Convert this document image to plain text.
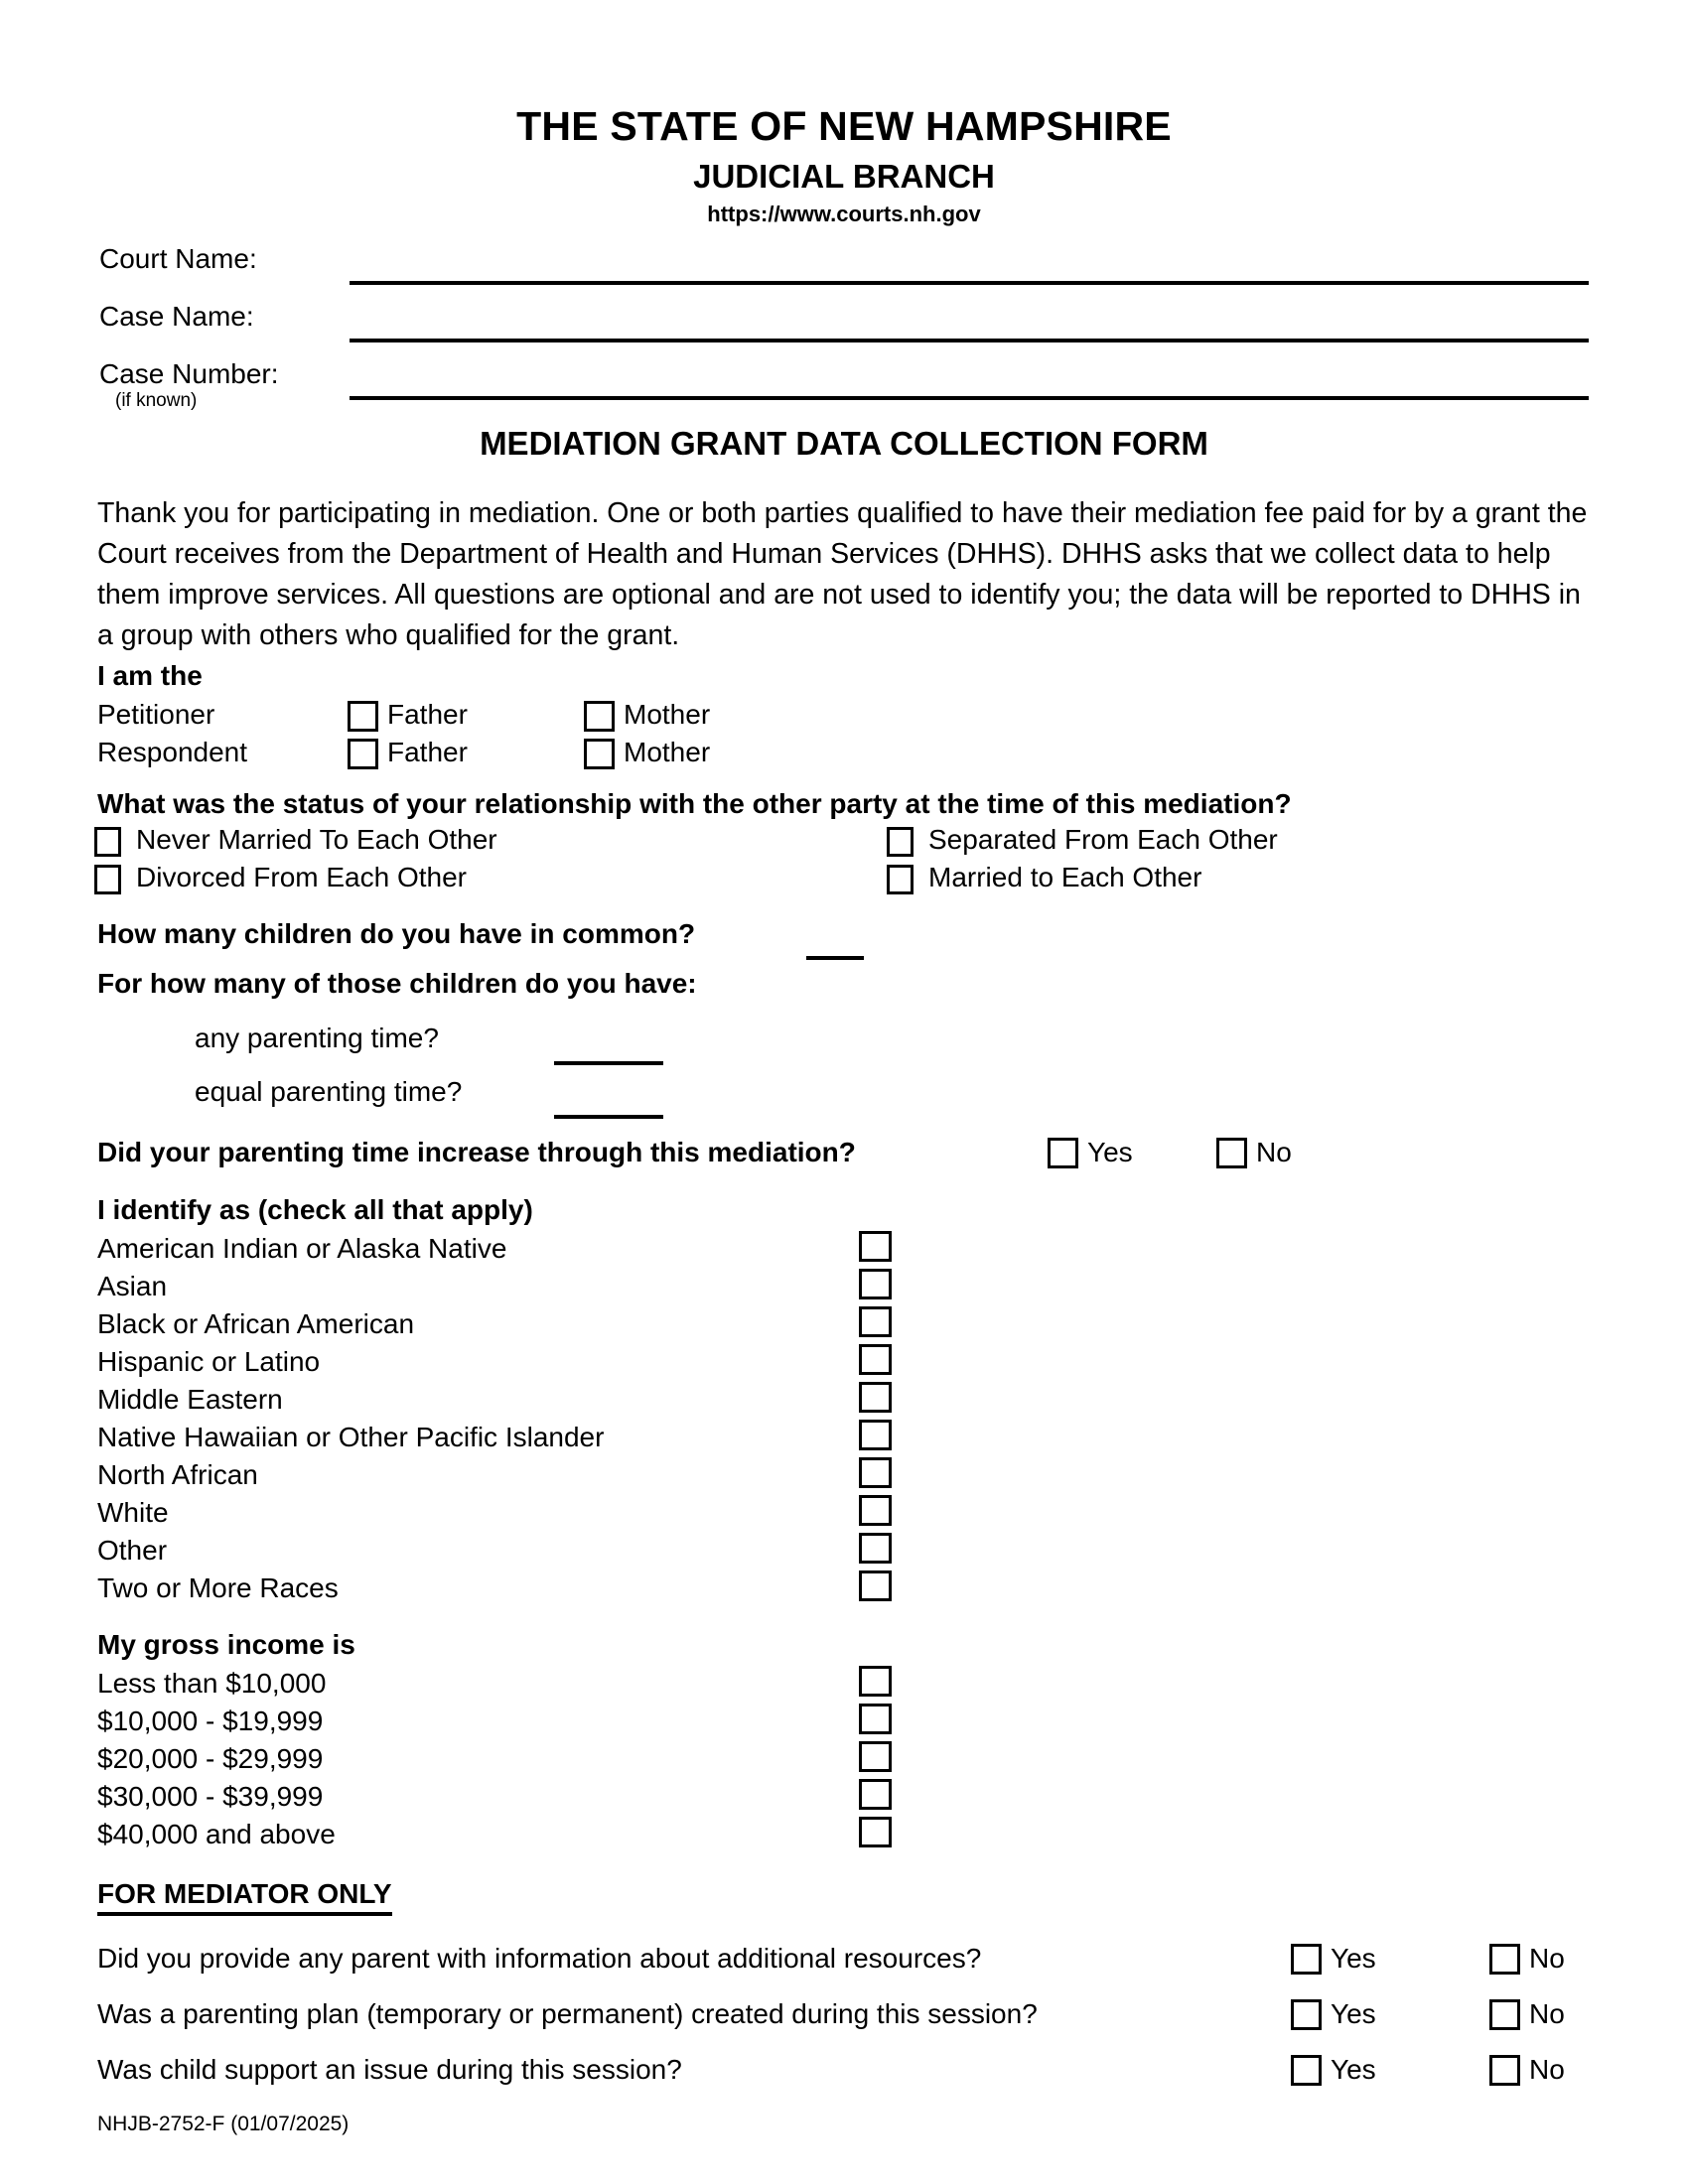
THE STATE OF NEW HAMPSHIRE
JUDICIAL BRANCH
https://www.courts.nh.gov
Court Name:
Case Name:
Case Number:
(if known)
MEDIATION GRANT DATA COLLECTION FORM
Thank you for participating in mediation. One or both parties qualified to have their mediation fee paid for by a grant the Court receives from the Department of Health and Human Services (DHHS). DHHS asks that we collect data to help them improve services. All questions are optional and are not used to identify you; the data will be reported to DHHS in a group with others who qualified for the grant.
I am the
Petitioner	Father	Mother
Respondent	Father	Mother
What was the status of your relationship with the other party at the time of this mediation?
Never Married To Each Other
Divorced From Each Other
Separated From Each Other
Married to Each Other
How many children do you have in common?
For how many of those children do you have:
any parenting time?
equal parenting time?
Did your parenting time increase through this mediation?	Yes	No
I identify as (check all that apply)
American Indian or Alaska Native
Asian
Black or African American
Hispanic or Latino
Middle Eastern
Native Hawaiian or Other Pacific Islander
North African
White
Other
Two or More Races
My gross income is
Less than $10,000
$10,000 - $19,999
$20,000 - $29,999
$30,000 - $39,999
$40,000 and above
FOR MEDIATOR ONLY
Did you provide any parent with information about additional resources?	Yes	No
Was a parenting plan (temporary or permanent) created during this session?	Yes	No
Was child support an issue during this session?	Yes	No
NHJB-2752-F (01/07/2025)
